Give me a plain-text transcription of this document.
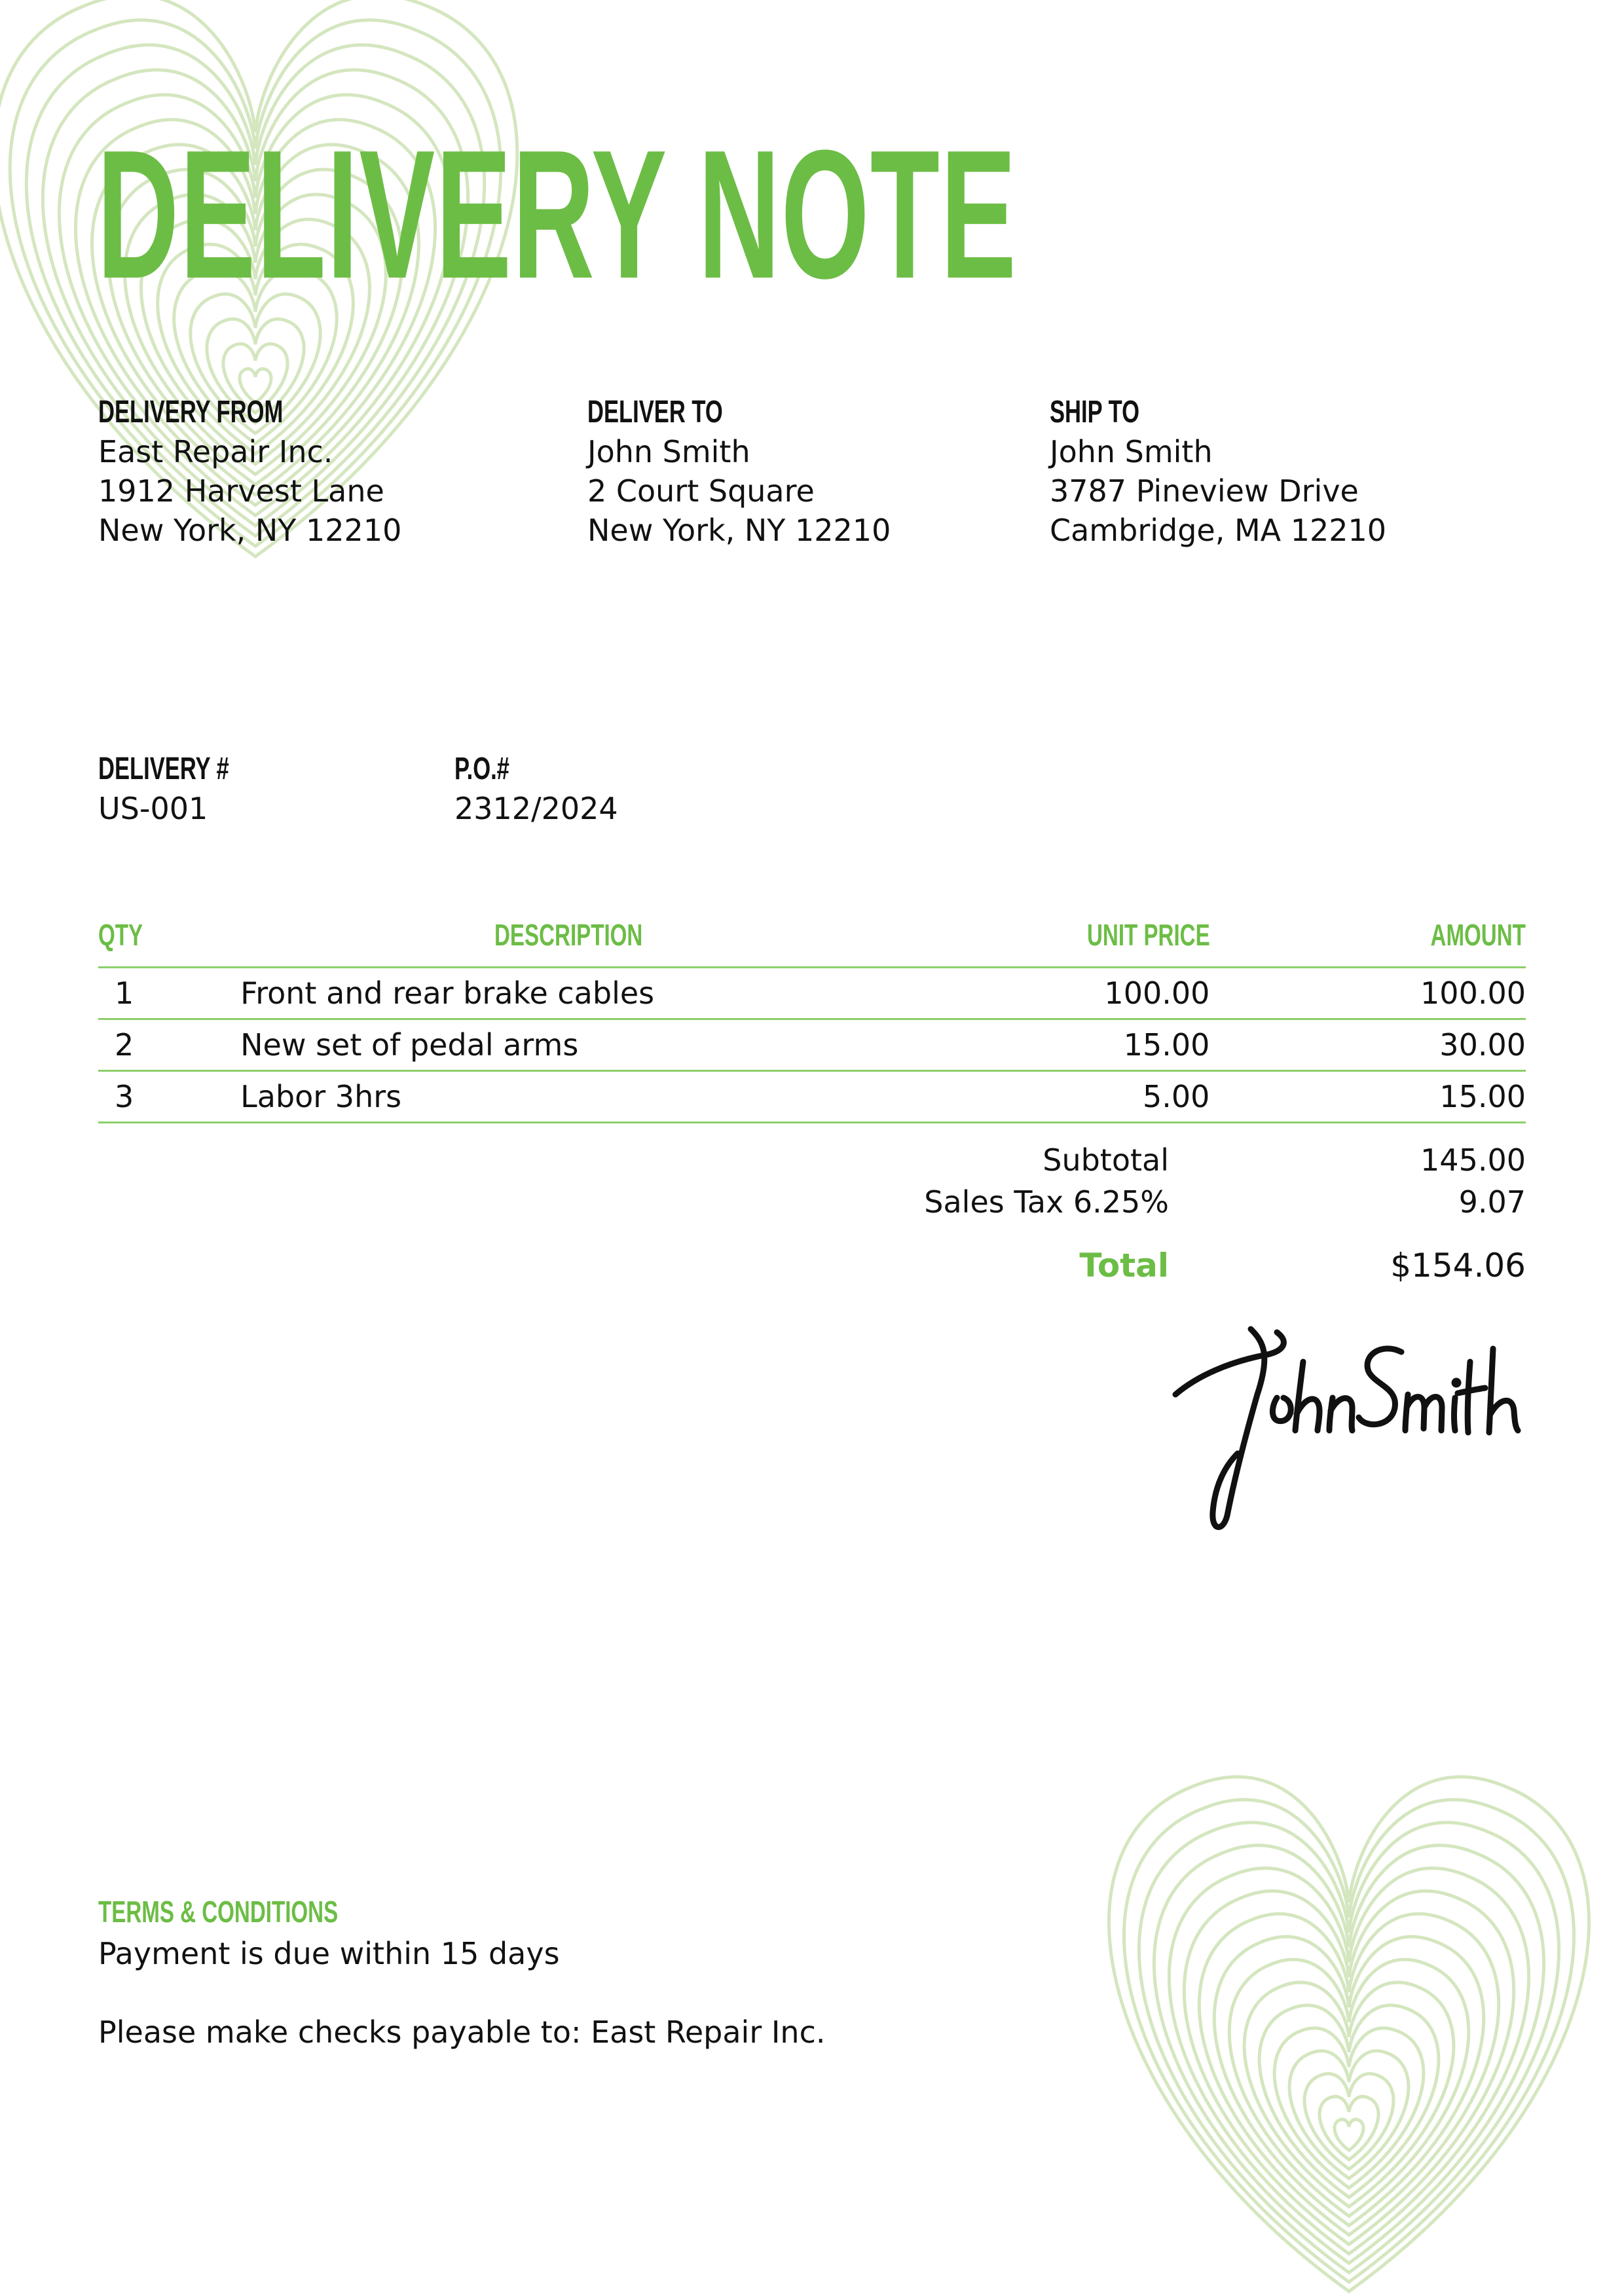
DELIVERY NOTE
DELIVERY FROM
East Repair Inc.
1912 Harvest Lane
New York, NY 12210
DELIVER TO
John Smith
2 Court Square
New York, NY 12210
SHIP TO
John Smith
3787 Pineview Drive
Cambridge, MA 12210
DELIVERY #
US-001
P.O.#
2312/2024
QTY	DESCRIPTION	UNIT PRICE	AMOUNT
1	Front and rear brake cables	100.00	100.00
2	New set of pedal arms	15.00	30.00
3	Labor 3hrs	5.00	15.00
Subtotal	145.00
Sales Tax 6.25%	9.07
Total	$154.06
TERMS & CONDITIONS
Payment is due within 15 days
Please make checks payable to: East Repair Inc.
